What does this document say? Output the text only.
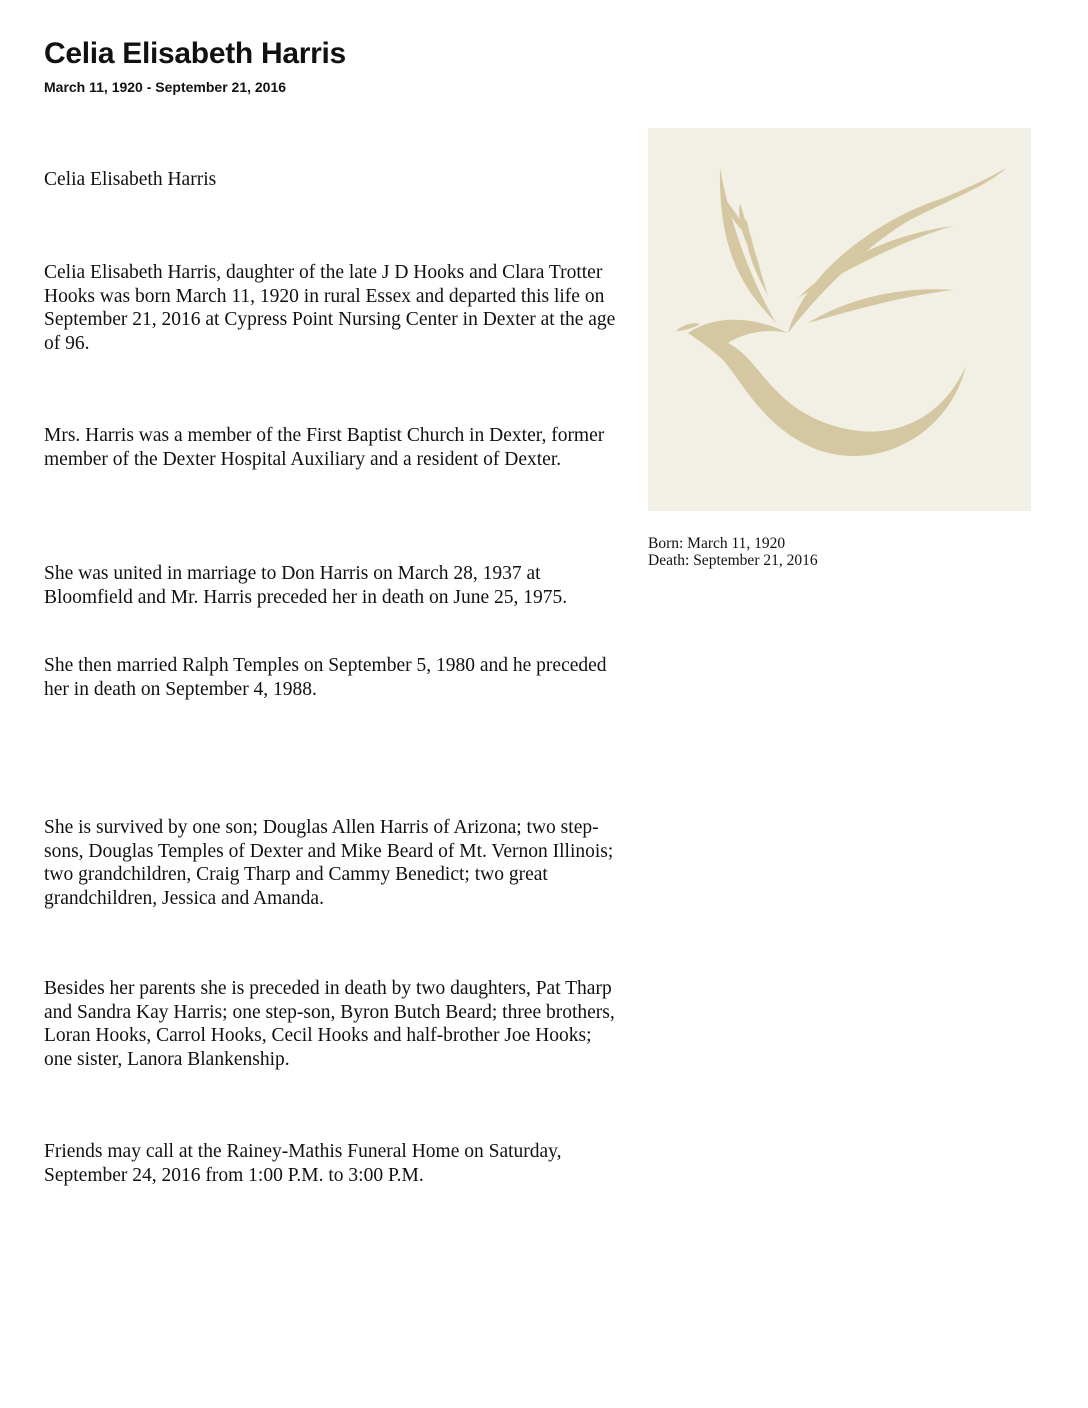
Celia Elisabeth Harris
March 11, 1920 - September 21, 2016

Celia Elisabeth Harris

Celia Elisabeth Harris, daughter of the late J D Hooks and Clara Trotter Hooks was born March 11, 1920 in rural Essex and departed this life on September 21, 2016 at Cypress Point Nursing Center in Dexter at the age of 96.

Mrs. Harris was a member of the First Baptist Church in Dexter, former member of the Dexter Hospital Auxiliary and a resident of Dexter.

She was united in marriage to Don Harris on March 28, 1937 at Bloomfield and Mr. Harris preceded her in death on June 25, 1975.

She then married Ralph Temples on September 5, 1980 and he preceded her in death on September 4, 1988.

She is survived by one son; Douglas Allen Harris of Arizona; two step-sons, Douglas Temples of Dexter and Mike Beard of Mt. Vernon Illinois; two grandchildren, Craig Tharp and Cammy Benedict; two great grandchildren, Jessica and Amanda.

Besides her parents she is preceded in death by two daughters, Pat Tharp and Sandra Kay Harris; one step-son, Byron Butch Beard; three brothers, Loran Hooks, Carrol Hooks, Cecil Hooks and half-brother Joe Hooks; one sister, Lanora Blankenship.

Friends may call at the Rainey-Mathis Funeral Home on Saturday, September 24, 2016 from 1:00 P.M. to 3:00 P.M.

Born: March 11, 1920
Death: September 21, 2016
